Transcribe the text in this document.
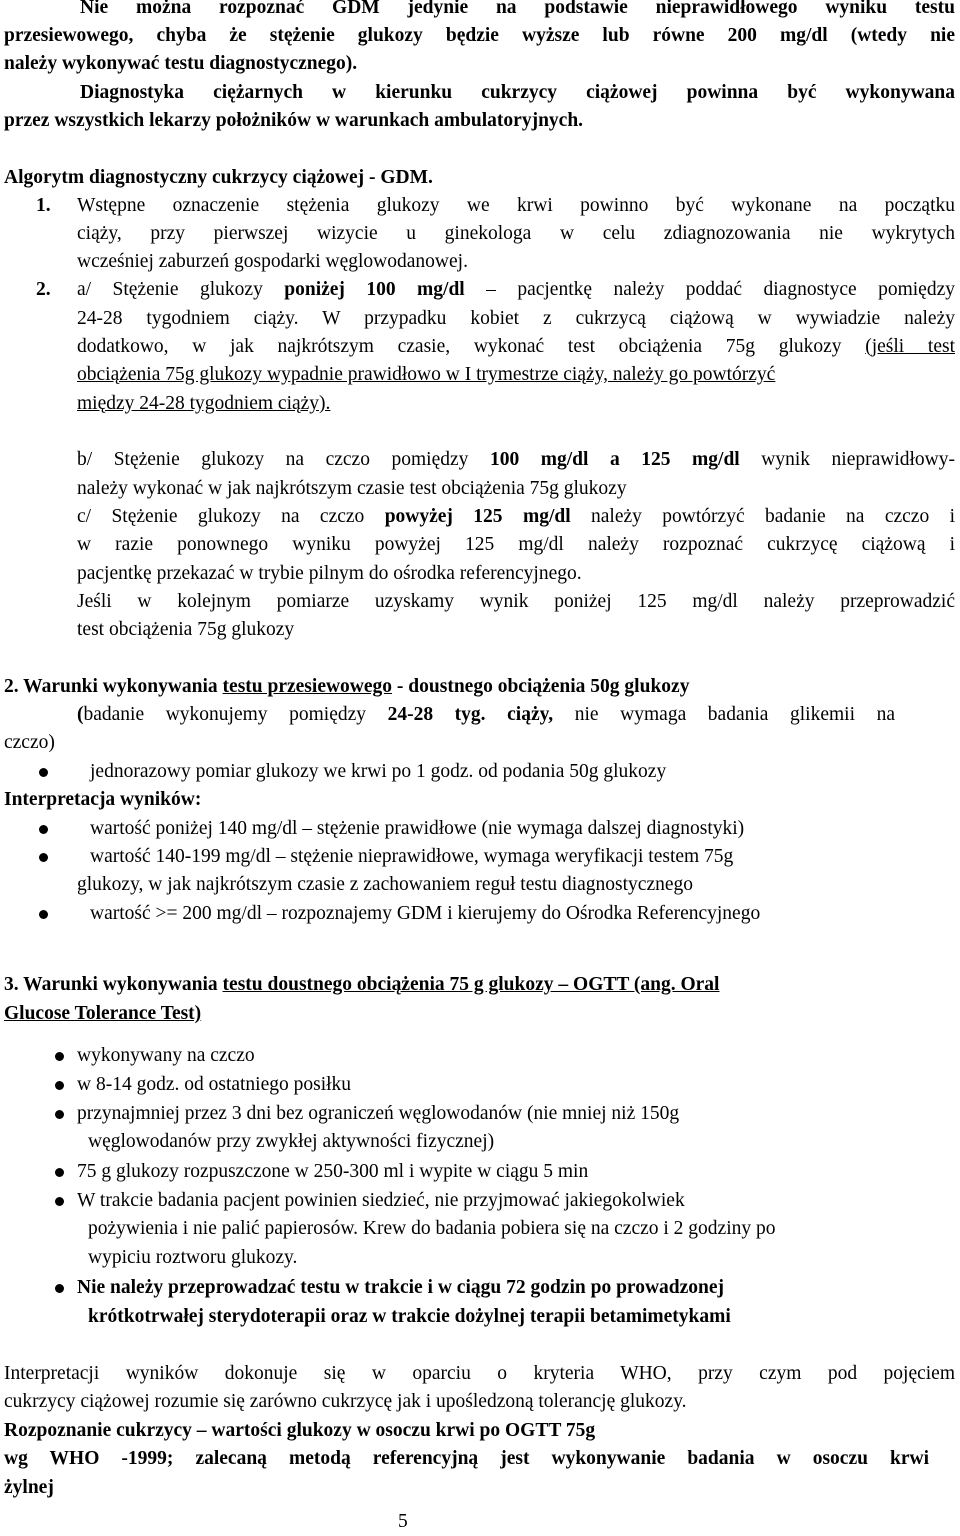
Nie można rozpoznać GDM jedynie na podstawie nieprawidłowego wyniku testu
przesiewowego, chyba że stężenie glukozy będzie wyższe lub równe 200 mg/dl (wtedy nie
należy wykonywać testu diagnostycznego).
Diagnostyka ciężarnych w kierunku cukrzycy ciążowej powinna być wykonywana
przez wszystkich lekarzy położników w warunkach ambulatoryjnych.
Algorytm diagnostyczny cukrzycy ciążowej - GDM.
1. Wstępne oznaczenie stężenia glukozy we krwi powinno być wykonane na początku
ciąży, przy pierwszej wizycie u ginekologa w celu zdiagnozowania nie wykrytych
wcześniej zaburzeń gospodarki węglowodanowej.
2. a/ Stężenie glukozy poniżej 100 mg/dl – pacjentkę należy poddać diagnostyce pomiędzy
24-28 tygodniem ciąży. W przypadku kobiet z cukrzycą ciążową w wywiadzie należy
dodatkowo, w jak najkrótszym czasie, wykonać test obciążenia 75g glukozy (jeśli test
obciążenia 75g glukozy wypadnie prawidłowo w I trymestrze ciąży, należy go powtórzyć
między 24-28 tygodniem ciąży).
b/ Stężenie glukozy na czczo pomiędzy 100 mg/dl a 125 mg/dl wynik nieprawidłowy-
należy wykonać w jak najkrótszym czasie test obciążenia 75g glukozy
c/ Stężenie glukozy na czczo powyżej 125 mg/dl należy powtórzyć badanie na czczo i
w razie ponownego wyniku powyżej 125 mg/dl należy rozpoznać cukrzycę ciążową i
pacjentkę przekazać w trybie pilnym do ośrodka referencyjnego.
Jeśli w kolejnym pomiarze uzyskamy wynik poniżej 125 mg/dl należy przeprowadzić
test obciążenia 75g glukozy
2. Warunki wykonywania testu przesiewowego - doustnego obciążenia 50g glukozy
(badanie wykonujemy pomiędzy 24-28 tyg. ciąży, nie wymaga badania glikemii na
czczo)
jednorazowy pomiar glukozy we krwi po 1 godz. od podania 50g glukozy
Interpretacja wyników:
wartość poniżej 140 mg/dl – stężenie prawidłowe (nie wymaga dalszej diagnostyki)
wartość 140-199 mg/dl – stężenie nieprawidłowe, wymaga weryfikacji testem 75g
glukozy, w jak najkrótszym czasie z zachowaniem reguł testu diagnostycznego
wartość >= 200 mg/dl – rozpoznajemy GDM i kierujemy do Ośrodka Referencyjnego
3. Warunki wykonywania testu doustnego obciążenia 75 g glukozy – OGTT (ang. Oral
Glucose Tolerance Test)
wykonywany na czczo
w 8-14 godz. od ostatniego posiłku
przynajmniej przez 3 dni bez ograniczeń węglowodanów (nie mniej niż 150g
węglowodanów przy zwykłej aktywności fizycznej)
75 g glukozy rozpuszczone w 250-300 ml i wypite w ciągu 5 min
W trakcie badania pacjent powinien siedzieć, nie przyjmować jakiegokolwiek
pożywienia i nie palić papierosów. Krew do badania pobiera się na czczo i 2 godziny po
wypiciu roztworu glukozy.
Nie należy przeprowadzać testu w trakcie i w ciągu 72 godzin po prowadzonej
krótkotrwałej sterydoterapii oraz w trakcie dożylnej terapii betamimetykami
Interpretacji wyników dokonuje się w oparciu o kryteria WHO, przy czym pod pojęciem
cukrzycy ciążowej rozumie się zarówno cukrzycę jak i upośledzoną tolerancję glukozy.
Rozpoznanie cukrzycy – wartości glukozy w osoczu krwi po OGTT 75g
wg WHO -1999; zalecaną metodą referencyjną jest wykonywanie badania w osoczu krwi
żylnej
5
